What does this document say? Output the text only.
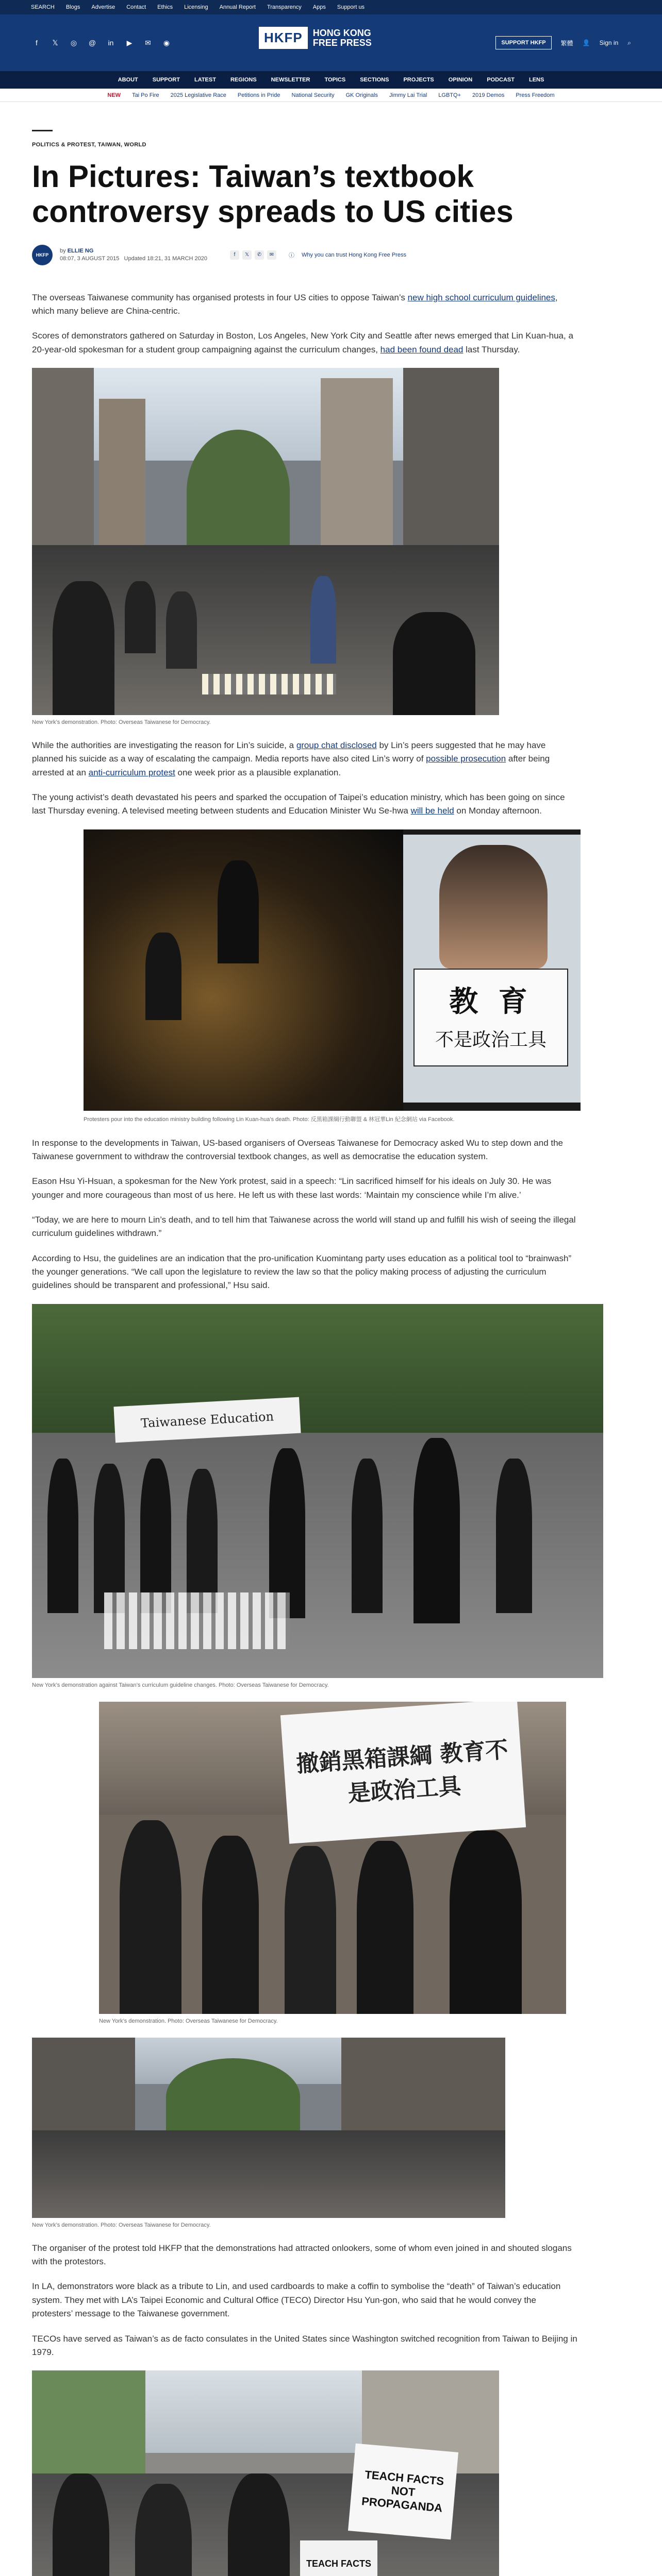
SEARCH Blogs Advertise Contact Ethics Licensing Annual Report Transparency Apps Support us
f	𝕏	◎	@	in	▶	✉	◉	HKFP	HONG KONG
FREE PRESS	SUPPORT HKFP	繁體 👤 Sign in ⌕
ABOUT	SUPPORT	LATEST	REGIONS	NEWSLETTER	TOPICS	SECTIONS	PROJECTS	OPINION	PODCAST	LENS
NEW Tai Po Fire 2025 Legislative Race Petitions in Pride National Security GK Originals Jimmy Lai Trial LGBTQ+ 2019 Demos Press Freedom
POLITICS & PROTEST, TAIWAN, WORLD
In Pictures: Taiwan’s textbook controversy spreads to US cities
HKFP
by ELLIE NG
08:07, 3 AUGUST 2015 Updated 18:21, 31 MARCH 2020
f	𝕏	✆	✉	ⓘ Why you can trust Hong Kong Free Press

The overseas Taiwanese community has organised protests in four US cities to oppose Taiwan’s new high school curriculum guidelines, which many believe are China-centric.

Scores of demonstrators gathered on Saturday in Boston, Los Angeles, New York City and Seattle after news emerged that Lin Kuan-hua, a 20-year-old spokesman for a student group campaigning against the curriculum changes, had been found dead last Thursday.

New York’s demonstration. Photo: Overseas Taiwanese for Democracy.

While the authorities are investigating the reason for Lin’s suicide, a group chat disclosed by Lin’s peers suggested that he may have planned his suicide as a way of escalating the campaign. Media reports have also cited Lin’s worry of possible prosecution after being arrested at an anti-curriculum protest one week prior as a plausible explanation.

The young activist’s death devastated his peers and sparked the occupation of Taipei’s education ministry, which has been going on since last Thursday evening. A televised meeting between students and Education Minister Wu Se-hwa will be held on Monday afternoon.

教 育
不是政治工具
Protesters pour into the education ministry building following Lin Kuan-hua’s death. Photo: 反黑箱課綱行動聯盟 & 林冠華Lin 紀念網站 via Facebook.

In response to the developments in Taiwan, US-based organisers of Overseas Taiwanese for Democracy asked Wu to step down and the Taiwanese government to withdraw the controversial textbook changes, as well as democratise the education system.

Eason Hsu Yi-Hsuan, a spokesman for the New York protest, said in a speech: “Lin sacrificed himself for his ideals on July 30. He was younger and more courageous than most of us here. He left us with these last words: ‘Maintain my conscience while I’m alive.’

“Today, we are here to mourn Lin’s death, and to tell him that Taiwanese across the world will stand up and fulfill his wish of seeing the illegal curriculum guidelines withdrawn.”

According to Hsu, the guidelines are an indication that the pro-unification Kuomintang party uses education as a political tool to “brainwash” the younger generations. “We call upon the legislature to review the law so that the policy making process of adjusting the curriculum guidelines should be transparent and professional,” Hsu said.

Taiwanese Education
New York’s demonstration against Taiwan’s curriculum guideline changes. Photo: Overseas Taiwanese for Democracy.
撤銷黑箱課綱 教育不是政治工具
New York’s demonstration. Photo: Overseas Taiwanese for Democracy.
New York’s demonstration. Photo: Overseas Taiwanese for Democracy.

The organiser of the protest told HKFP that the demonstrations had attracted onlookers, some of whom even joined in and shouted slogans with the protestors.

In LA, demonstrators wore black as a tribute to Lin, and used cardboards to make a coffin to symbolise the “death” of Taiwan’s education system. They met with LA’s Taipei Economic and Cultural Office (TECO) Director Hsu Yun-gon, who said that he would convey the protesters’ message to the Taiwanese government.

TECOs have served as Taiwan’s as de facto consulates in the United States since Washington switched recognition from Taiwan to Beijing in 1979.

TEACH FACTS NOT PROPAGANDA
TEACH FACTS
